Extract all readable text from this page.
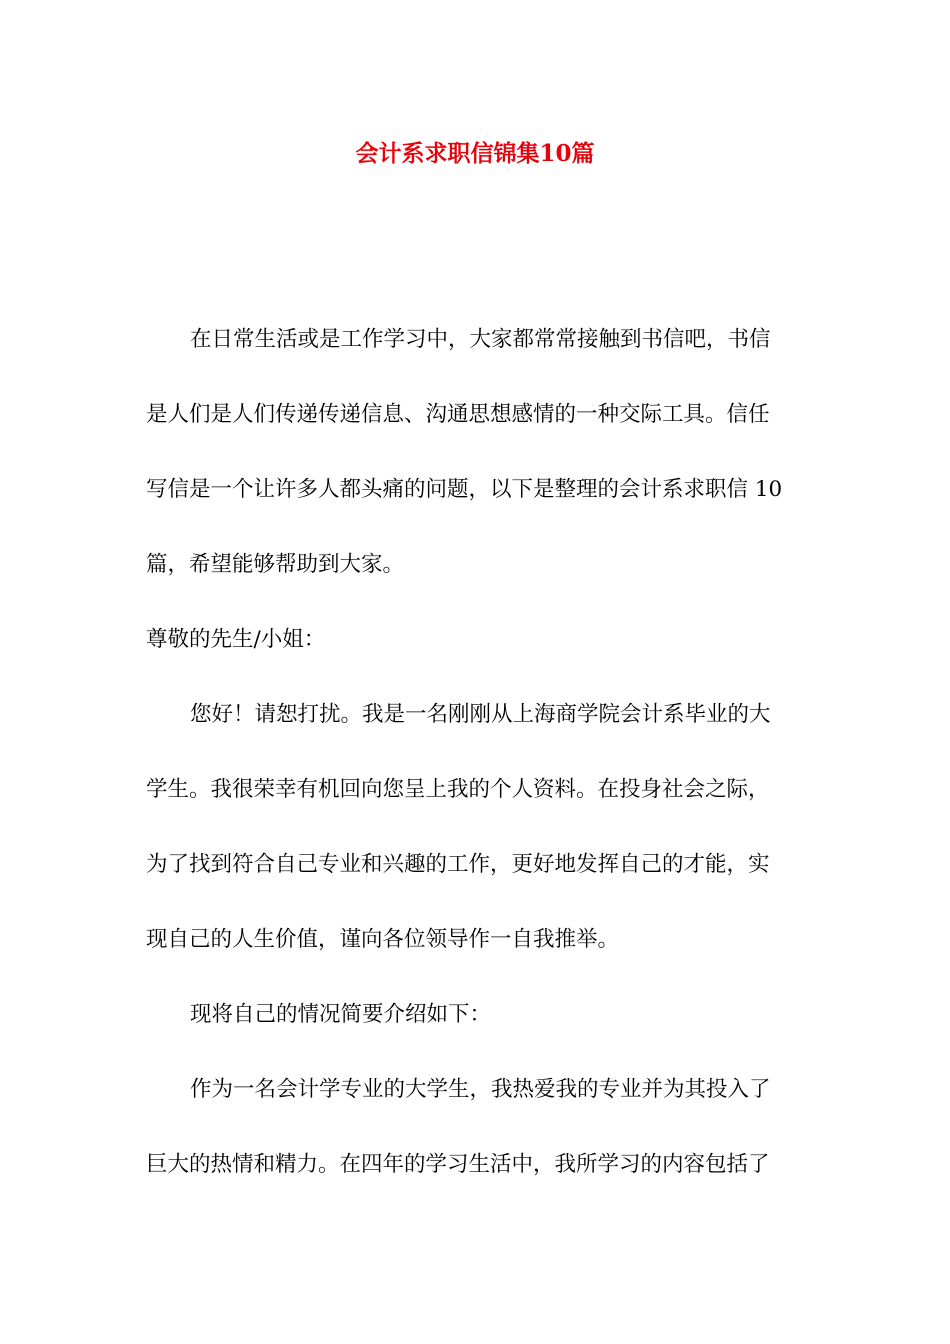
会计系求职信锦集10篇
在日常生活或是工作学习中，大家都常常接触到书信吧，书信
是人们是人们传递传递信息、沟通思想感情的一种交际工具。信任
写信是一个让许多人都头痛的问题，以下是整理的会计系求职信 10
篇，希望能够帮助到大家。
尊敬的先生/小姐：
您好！请恕打扰。我是一名刚刚从上海商学院会计系毕业的大
学生。我很荣幸有机回向您呈上我的个人资料。在投身社会之际，
为了找到符合自己专业和兴趣的工作，更好地发挥自己的才能，实
现自己的人生价值，谨向各位领导作一自我推举。
现将自己的情况简要介绍如下：
作为一名会计学专业的大学生，我热爱我的专业并为其投入了
巨大的热情和精力。在四年的学习生活中，我所学习的内容包括了
